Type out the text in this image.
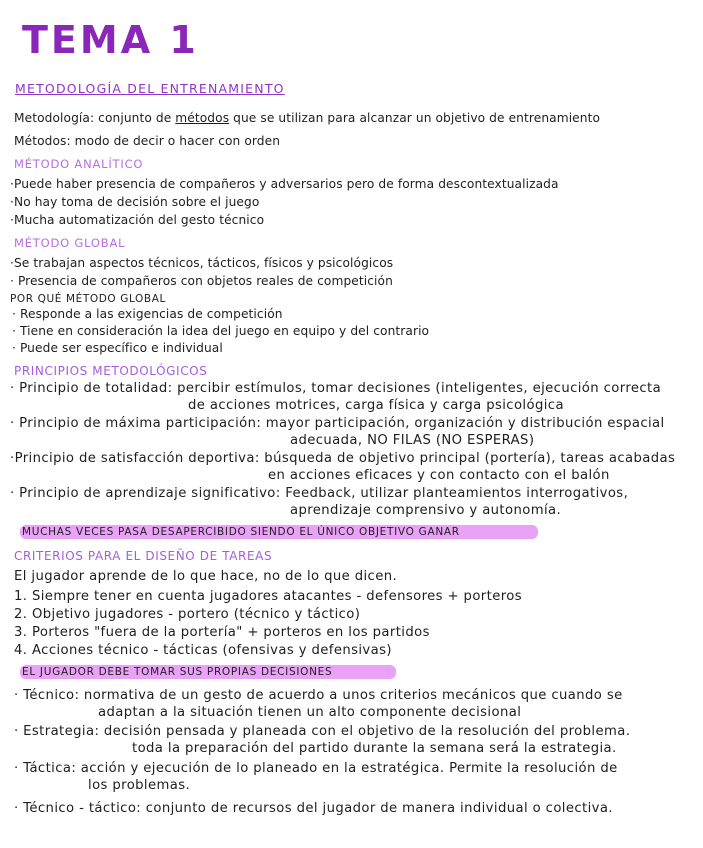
TEMA 1
METODOLOGÍA DEL ENTRENAMIENTO
Metodología: conjunto de métodos que se utilizan para alcanzar un objetivo de entrenamiento
Métodos: modo de decir o hacer con orden
MÉTODO ANALÍTICO
·Puede haber presencia de compañeros y adversarios pero de forma descontextualizada
·No hay toma de decisión sobre el juego
·Mucha automatización del gesto técnico
MÉTODO GLOBAL
·Se trabajan aspectos técnicos, tácticos, físicos y psicológicos
· Presencia de compañeros con objetos reales de competición
POR QUÉ MÉTODO GLOBAL
· Responde a las exigencias de competición
· Tiene en consideración la idea del juego en equipo y del contrario
· Puede ser específico e individual
PRINCIPIOS METODOLÓGICOS
· Principio de totalidad: percibir estímulos, tomar decisiones (inteligentes, ejecución correcta
de acciones motrices, carga física y carga psicológica
· Principio de máxima participación: mayor participación, organización y distribución espacial
adecuada, NO FILAS (NO ESPERAS)
·Principio de satisfacción deportiva: búsqueda de objetivo principal (portería), tareas acabadas
en acciones eficaces y con contacto con el balón
· Principio de aprendizaje significativo: Feedback, utilizar planteamientos interrogativos,
aprendizaje comprensivo y autonomía.
MUCHAS VECES PASA DESAPERCIBIDO SIENDO EL ÚNICO OBJETIVO GANAR
CRITERIOS PARA EL DISEÑO DE TAREAS
El jugador aprende de lo que hace, no de lo que dicen.
1. Siempre tener en cuenta jugadores atacantes - defensores + porteros
2. Objetivo jugadores - portero (técnico y táctico)
3. Porteros "fuera de la portería" + porteros en los partidos
4. Acciones técnico - tácticas (ofensivas y defensivas)
EL JUGADOR DEBE TOMAR SUS PROPIAS DECISIONES
· Técnico: normativa de un gesto de acuerdo a unos criterios mecánicos que cuando se
adaptan a la situación tienen un alto componente decisional
· Estrategia: decisión pensada y planeada con el objetivo de la resolución del problema.
toda la preparación del partido durante la semana será la estrategia.
· Táctica: acción y ejecución de lo planeado en la estratégica. Permite la resolución de
los problemas.
· Técnico - táctico: conjunto de recursos del jugador de manera individual o colectiva.
